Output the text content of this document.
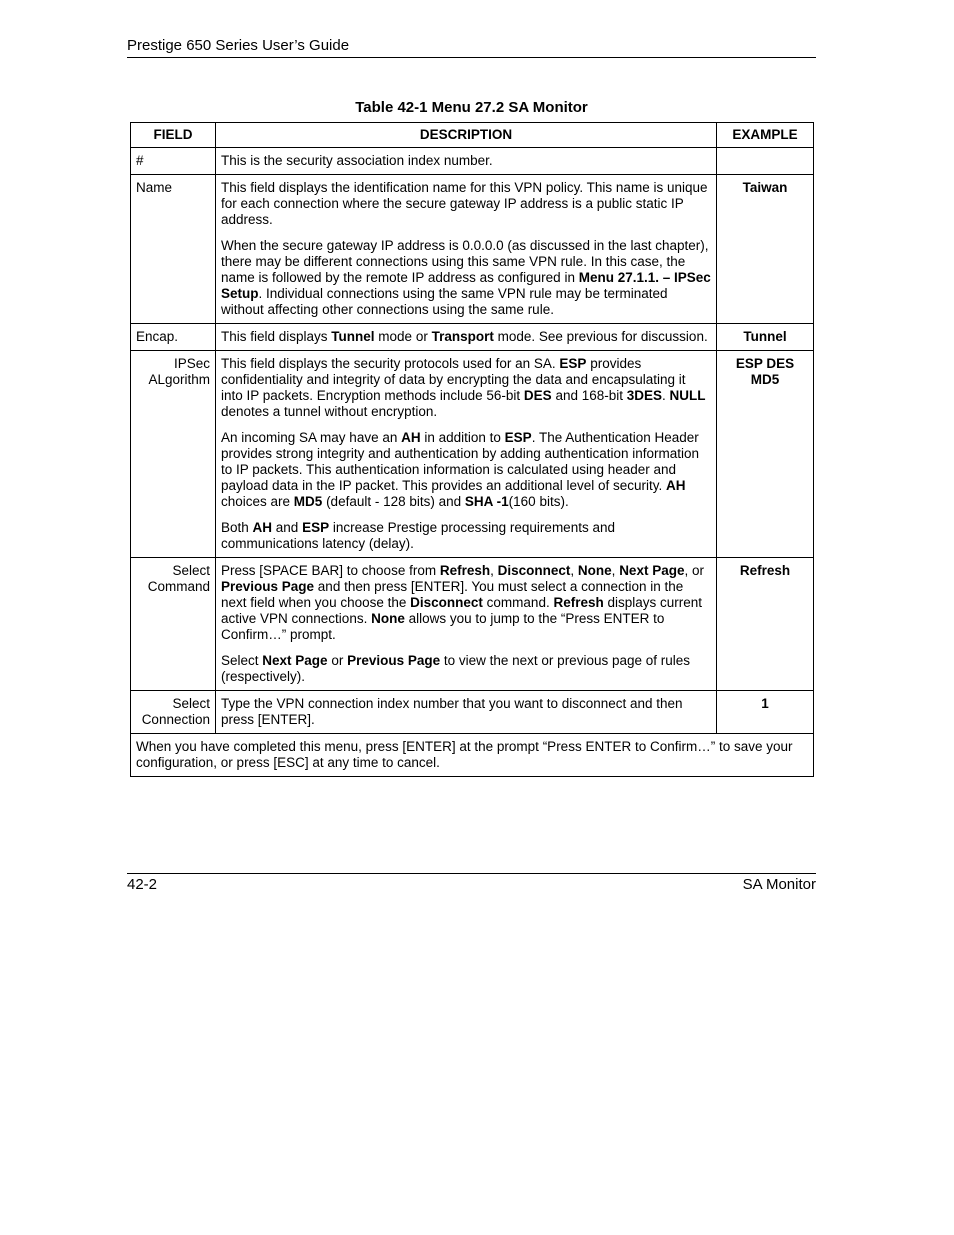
Prestige 650 Series User’s Guide
Table 42-1 Menu 27.2 SA Monitor
FIELD	DESCRIPTION	EXAMPLE
#	This is the security association index number.	

Name	This field displays the identification name for this VPN policy. This name is unique for each connection where the secure gateway IP address is a public static IP address.

When the secure gateway IP address is 0.0.0.0 (as discussed in the last chapter), there may be different connections using this same VPN rule. In this case, the name is followed by the remote IP address as configured in Menu 27.1.1. – IPSec Setup. Individual connections using the same VPN rule may be terminated without affecting other connections using the same rule.	Taiwan
Encap.	This field displays Tunnel mode or Transport mode. See previous for discussion.	Tunnel
IPSec ALgorithm	This field displays the security protocols used for an SA. ESP provides confidentiality and integrity of data by encrypting the data and encapsulating it into IP packets. Encryption methods include 56-bit DES and 168-bit 3DES. NULL denotes a tunnel without encryption.

An incoming SA may have an AH in addition to ESP. The Authentication Header provides strong integrity and authentication by adding authentication information to IP packets. This authentication information is calculated using header and payload data in the IP packet. This provides an additional level of security. AH choices are MD5 (default - 128 bits) and SHA -1(160 bits).

Both AH and ESP increase Prestige processing requirements and communications latency (delay).	ESP DES MD5
Select Command	Press [SPACE BAR] to choose from Refresh, Disconnect, None, Next Page, or Previous Page and then press [ENTER]. You must select a connection in the next field when you choose the Disconnect command. Refresh displays current active VPN connections. None allows you to jump to the “Press ENTER to Confirm…” prompt.

Select Next Page or Previous Page to view the next or previous page of rules (respectively).	Refresh
Select Connection	Type the VPN connection index number that you want to disconnect and then press [ENTER].	1
When you have completed this menu, press [ENTER] at the prompt “Press ENTER to Confirm…” to save your configuration, or press [ESC] at any time to cancel.		
42-2	SA Monitor
